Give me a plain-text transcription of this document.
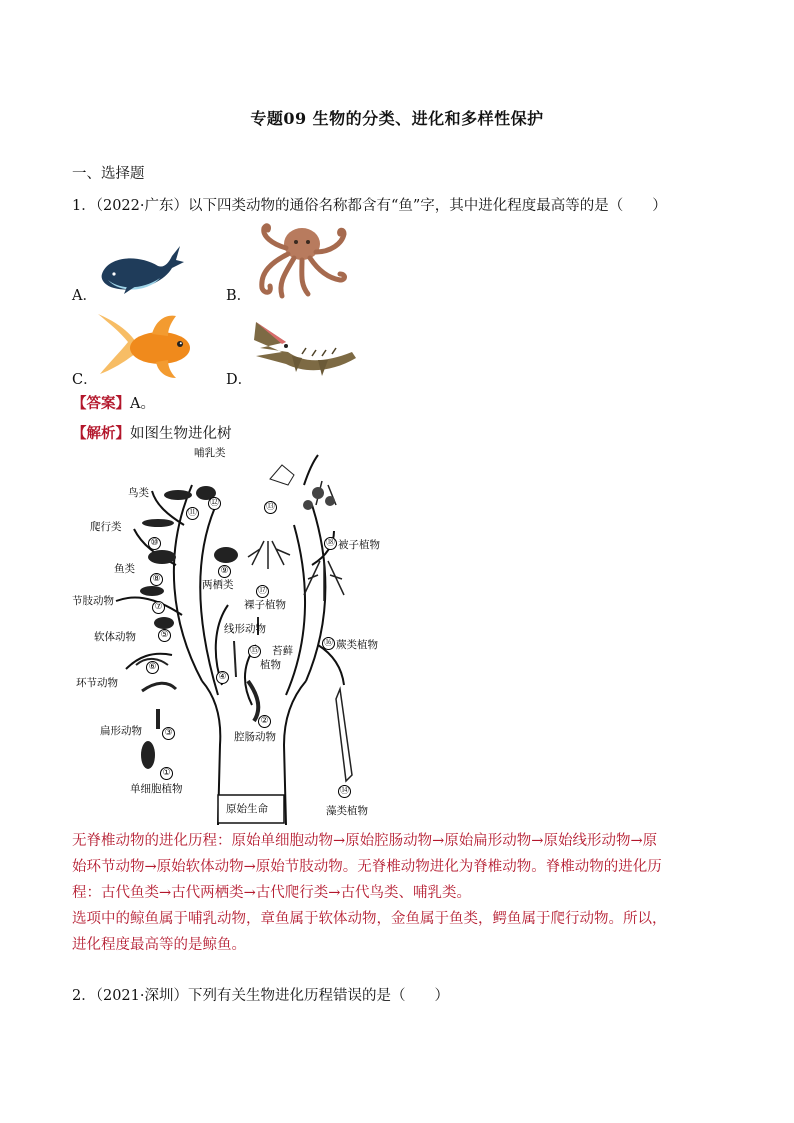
专题09 生物的分类、进化和多样性保护
一、选择题
1．（2022·广东）以下四类动物的通俗名称都含有“鱼”字，其中进化程度最高等的是（　　）
A．	B．
C．	D．
【答案】A。
【解析】如图生物进化树
哺乳类
鸟类
爬行类
鱼类
节肢动物
软体动物
环节动物
扁形动物
单细胞植物
原始生命
两栖类
线形动物
腔肠动物
裸子植物
苔藓
植物
被子植物
蕨类植物
藻类植物
①
②
③
④
⑤
⑥
⑦
⑧
⑨
⑩
⑪
⑫	⑬
⑭
⑮
⑯
⑰
⑱
无脊椎动物的进化历程：原始单细胞动物→原始腔肠动物→原始扁形动物→原始线形动物→原
始环节动物→原始软体动物→原始节肢动物。无脊椎动物进化为脊椎动物。脊椎动物的进化历
程：古代鱼类→古代两栖类→古代爬行类→古代鸟类、哺乳类。
选项中的鲸鱼属于哺乳动物，章鱼属于软体动物，金鱼属于鱼类，鳄鱼属于爬行动物。所以，
进化程度最高等的是鲸鱼。
2．（2021·深圳）下列有关生物进化历程错误的是（　　）
